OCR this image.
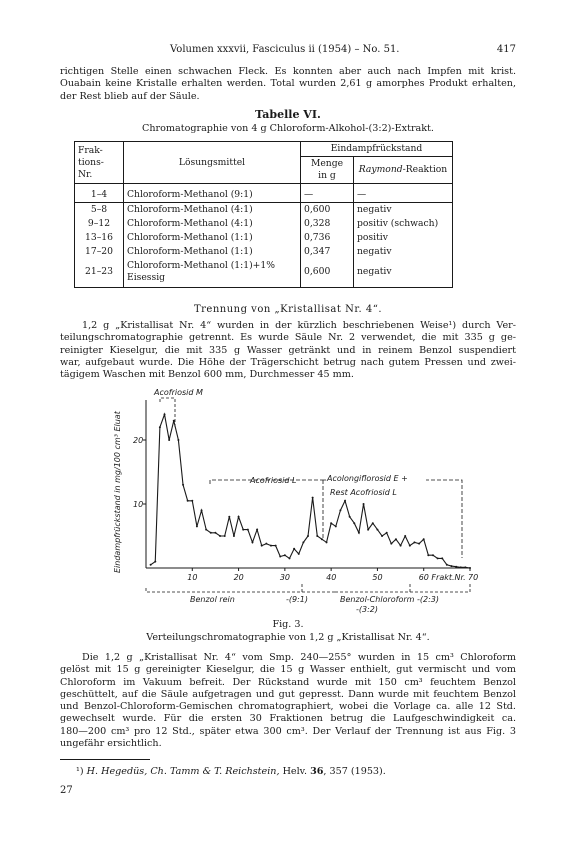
Volumen xxxvii, Fasciculus ii (1954) – No. 51.	417
richtigen Stelle einen schwachen Fleck. Es konnten aber auch nach Impfen mit krist.
Ouabain keine Kristalle erhalten werden. Total wurden 2,61 g amorphes Produkt erhalten,
der Rest blieb auf der Säule.
Tabelle VI.
Chromatographie von 4 g Chloroform-Alkohol-(3:2)-Extrakt.
Frak-
tions-
Nr.	Lösungsmittel	Eindampfrückstand	
		Menge
in g	Raymond-Reaktion
1–4	Chloroform-Methanol (9:1)	—	—
5–8	Chloroform-Methanol (4:1)	0,600	negativ
9–12	Chloroform-Methanol (4:1)	0,328	positiv (schwach)
13–16	Chloroform-Methanol (1:1)	0,736	positiv
17–20	Chloroform-Methanol (1:1)	0,347	negativ
21–23	Chloroform-Methanol (1:1)+1% Eisessig	0,600	negativ
Trennung von „Kristallisat Nr. 4“.
1,2 g „Kristallisat Nr. 4“ wurden in der kürzlich beschriebenen Weise¹) durch Ver-
teilungschromatographie getrennt. Es wurde Säule Nr. 2 verwendet, die mit 335 g ge-
reinigter Kieselgur, die mit 335 g Wasser getränkt und in reinem Benzol suspendiert
war, aufgebaut wurde. Die Höhe der Trägerschicht betrug nach gutem Pressen und zwei-
tägigem Waschen mit Benzol 600 mm, Durchmesser 45 mm.
Eindampfrückstand in mg/100 cm³ Eluat 10
20
10	20	30	40	50	60 Frakt.Nr. 70
Acofriosid M
Acofriosid L	Acolongiflorosid E +
Rest Acofriosid L
Benzol rein	-(9:1)	Benzol-Chloroform -(2:3)
-(3:2)
Fig. 3.
Verteilungschromatographie von 1,2 g „Kristallisat Nr. 4“.
Die 1,2 g „Kristallisat Nr. 4“ vom Smp. 240—255° wurden in 15 cm³ Chloroform
gelöst mit 15 g gereinigter Kieselgur, die 15 g Wasser enthielt, gut vermischt und vom
Chloroform im Vakuum befreit. Der Rückstand wurde mit 150 cm³ feuchtem Benzol
geschüttelt, auf die Säule aufgetragen und gut gepresst. Dann wurde mit feuchtem Benzol
und Benzol-Chloroform-Gemischen chromatographiert, wobei die Vorlage ca. alle 12 Std.
gewechselt wurde. Für die ersten 30 Fraktionen betrug die Laufgeschwindigkeit ca.
180—200 cm³ pro 12 Std., später etwa 300 cm³. Der Verlauf der Trennung ist aus Fig. 3
ungefähr ersichtlich.
¹) H. Hegedüs, Ch. Tamm & T. Reichstein, Helv. 36, 357 (1953).
27
